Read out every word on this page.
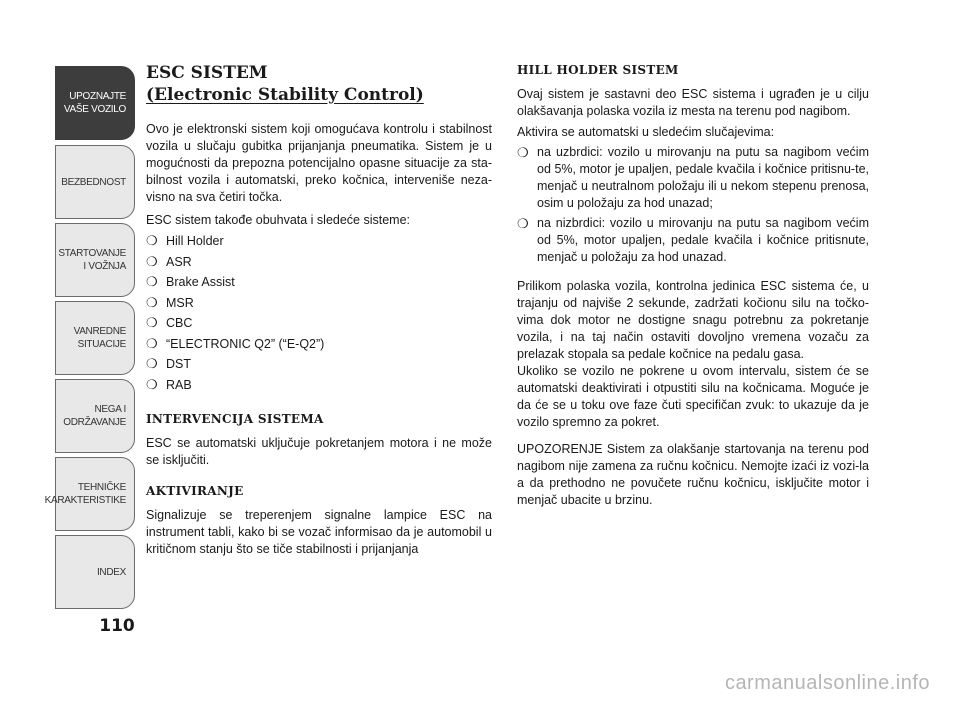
UPOZNAJTE
VAŠE VOZILO
BEZBEDNOST
STARTOVANJE
I VOŽNJA
VANREDNE
SITUACIJE
NEGA I
ODRŽAVANJE
TEHNIČKE
KARAKTERISTIKE
INDEX
110
ESC SISTEM
(Electronic Stability Control)

Ovo je elektronski sistem koji omogućava kontrolu i stabilnost vozila u slučaju gubitka prijanjanja pneumatika. Sistem je u mogućnosti da prepozna potencijalno opasne situacije za sta-bilnost vozila i automatski, preko kočnica, interveniše neza-visno na sva četiri točka.

ESC sistem takođe obuhvata i sledeće sisteme:

❍ Hill Holder
❍ ASR
❍ Brake Assist
❍ MSR
❍ CBC
❍ “ELECTRONIC Q2” (“E-Q2”)
❍ DST
❍ RAB
INTERVENCIJA SISTEMA

ESC se automatski uključuje pokretanjem motora i ne može se isključiti.

AKTIVIRANJE

Signalizuje se treperenjem signalne lampice ESC na instrument tabli, kako bi se vozač informisao da je automobil u kritičnom stanju što se tiče stabilnosti i prijanjanja

HILL HOLDER SISTEM

Ovaj sistem je sastavni deo ESC sistema i ugrađen je u cilju olakšavanja polaska vozila iz mesta na terenu pod nagibom.

Aktivira se automatski u sledećim slučajevima:

❍ na uzbrdici: vozilo u mirovanju na putu sa nagibom većim od 5%, motor je upaljen, pedale kvačila i kočnice pritisnu-te, menjač u neutralnom položaju ili u nekom stepenu prenosa, osim u položaju za hod unazad;
❍ na nizbrdici: vozilo u mirovanju na putu sa nagibom većim od 5%, motor upaljen, pedale kvačila i kočnice pritisnute, menjač u položaju za hod unazad.

Prilikom polaska vozila, kontrolna jedinica ESC sistema će, u trajanju od najviše 2 sekunde, zadržati kočionu silu na točko-vima dok motor ne dostigne snagu potrebnu za pokretanje vozila, i na taj način ostaviti dovoljno vremena vozaču za prelazak stopala sa pedale kočnice na pedalu gasa.

Ukoliko se vozilo ne pokrene u ovom intervalu, sistem će se automatski deaktivirati i otpustiti silu na kočnicama. Moguće je da će se u toku ove faze čuti specifičan zvuk: to ukazuje da je vozilo spremno za pokret.

UPOZORENJE Sistem za olakšanje startovanja na terenu pod nagibom nije zamena za ručnu kočnicu. Nemojte izaći iz vozi-la a da prethodno ne povučete ručnu kočnicu, isključite motor i menjač ubacite u brzinu.

carmanualsonline.info
